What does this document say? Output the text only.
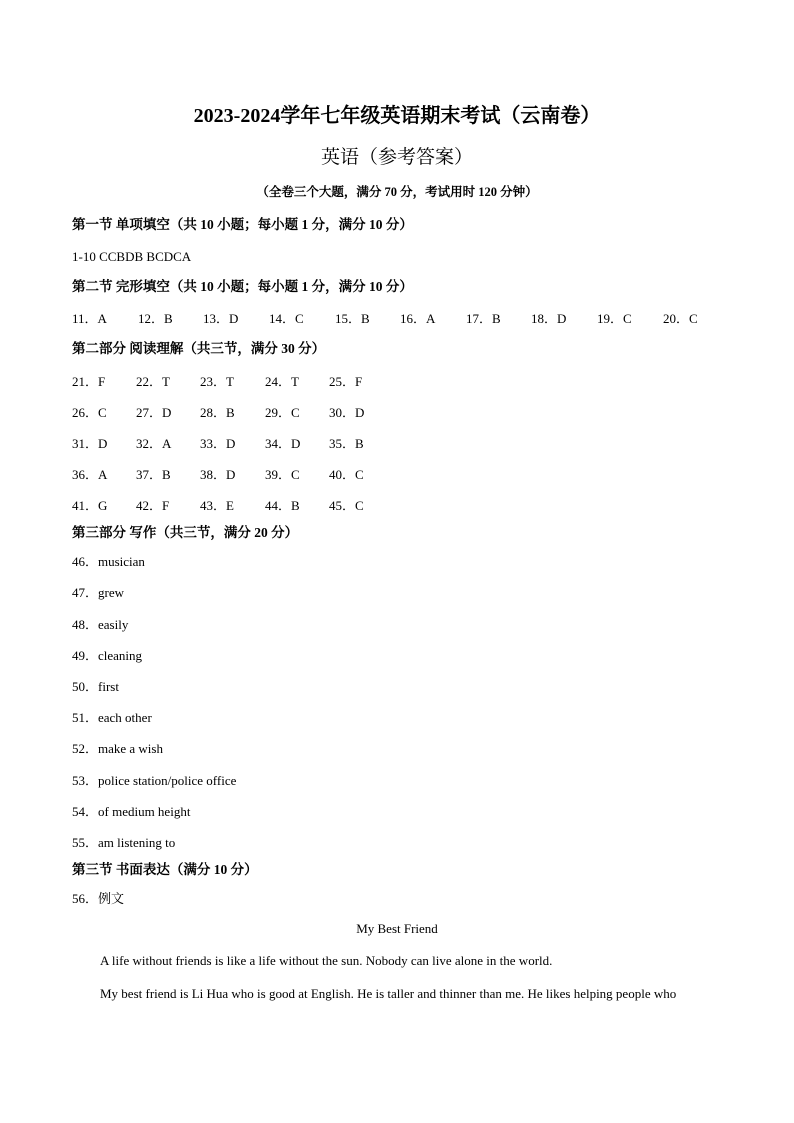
2023-2024学年七年级英语期末考试（云南卷）
英语（参考答案）
（全卷三个大题，满分 70 分，考试用时 120 分钟）
第一节 单项填空（共 10 小题；每小题 1 分，满分 10 分）
1-10 CCBDB BCDCA
第二节 完形填空（共 10 小题；每小题 1 分，满分 10 分）
11．A 12．B 13．D 14．C 15．B 16．A 17．B 18．D 19．C 20．C
第二部分 阅读理解（共三节，满分 30 分）
21．F 22．T 23．T 24．T 25．F
26．C 27．D 28．B 29．C 30．D
31．D 32．A 33．D 34．D 35．B
36．A 37．B 38．D 39．C 40．C
41．G 42．F 43．E 44．B 45．C
第三部分 写作（共三节，满分 20 分）
46．musician
47．grew
48．easily
49．cleaning
50．first
51．each other
52．make a wish
53．police station/police office
54．of medium height
55．am listening to
第三节 书面表达（满分 10 分）
56．例文
My Best Friend
A life without friends is like a life without the sun. Nobody can live alone in the world.
My best friend is Li Hua who is good at English. He is taller and thinner than me. He likes helping people who
